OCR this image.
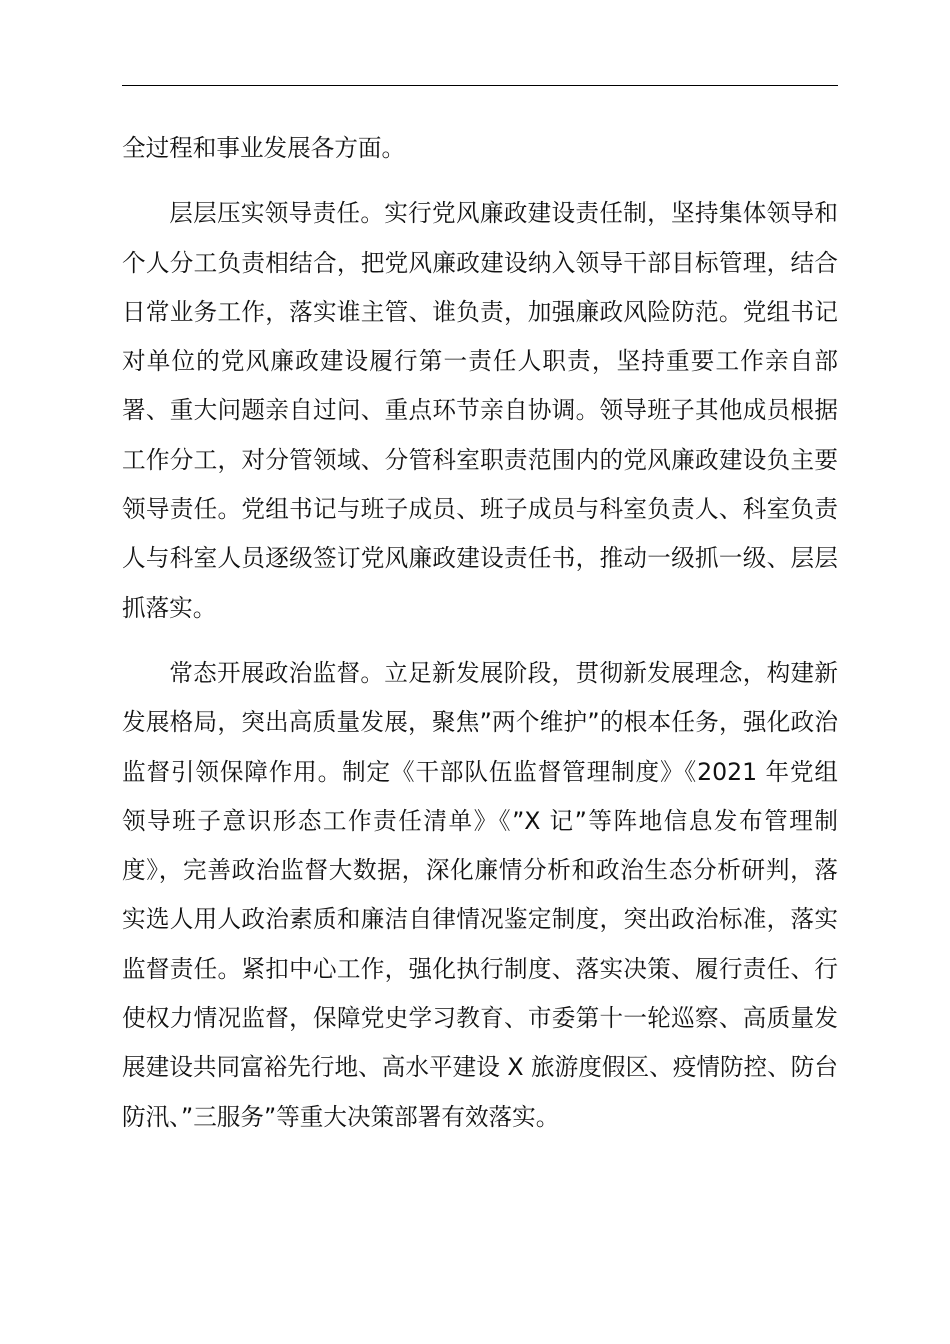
全过程和事业发展各方面。

层层压实领导责任。实行党风廉政建设责任制，坚持集体领导和个人分工负责相结合，把党风廉政建设纳入领导干部目标管理，结合日常业务工作，落实谁主管、谁负责，加强廉政风险防范。党组书记对单位的党风廉政建设履行第一责任人职责，坚持重要工作亲自部署、重大问题亲自过问、重点环节亲自协调。领导班子其他成员根据工作分工，对分管领域、分管科室职责范围内的党风廉政建设负主要领导责任。党组书记与班子成员、班子成员与科室负责人、科室负责人与科室人员逐级签订党风廉政建设责任书，推动一级抓一级、层层抓落实。

常态开展政治监督。立足新发展阶段，贯彻新发展理念，构建新发展格局，突出高质量发展，聚焦”两个维护”的根本任务，强化政治监督引领保障作用。制定《干部队伍监督管理制度》《2021 年党组领导班子意识形态工作责任清单》《”X 记”等阵地信息发布管理制度》，完善政治监督大数据，深化廉情分析和政治生态分析研判，落实选人用人政治素质和廉洁自律情况鉴定制度，突出政治标准，落实监督责任。紧扣中心工作，强化执行制度、落实决策、履行责任、行使权力情况监督，保障党史学习教育、市委第十一轮巡察、高质量发展建设共同富裕先行地、高水平建设 X 旅游度假区、疫情防控、防台防汛、”三服务”等重大决策部署有效落实。
